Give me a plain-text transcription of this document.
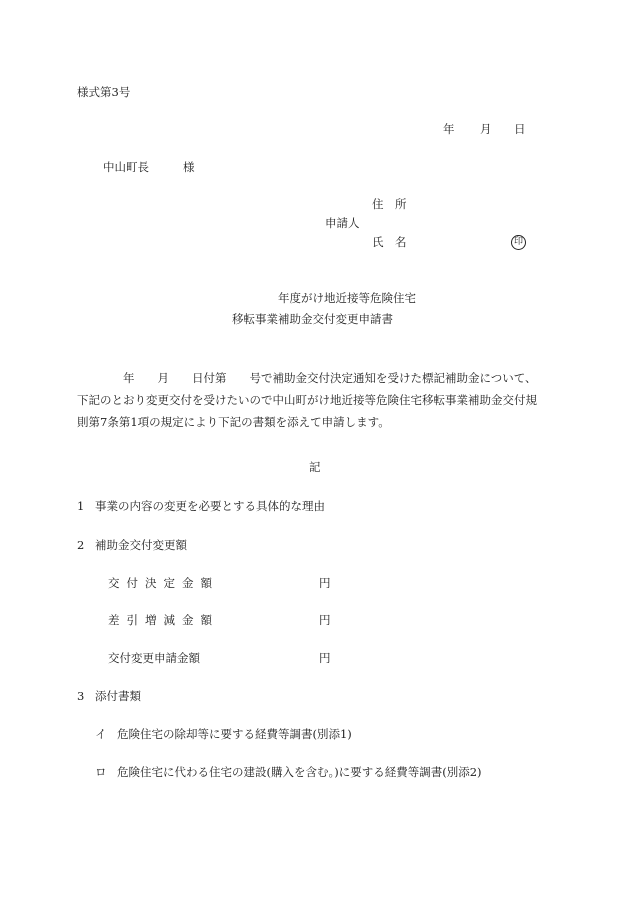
様式第3号
年 月 日
中山町長	様
住　所
申請人
氏　名	印
年度がけ地近接等危険住宅
移転事業補助金交付変更申請書
　　　　年　　月　　日付第　　号で補助金交付決定通知を受けた標記補助金について、
下記のとおり変更交付を受けたいので中山町がけ地近接等危険住宅移転事業補助金交付規
則第7条第1項の規定により下記の書類を添えて申請します。
記
1 事業の内容の変更を必要とする具体的な理由
2 補助金交付変更額
交付決定金額	円
差引増減金額	円
交付変更申請金額	円
3 添付書類
イ 危険住宅の除却等に要する経費等調書(別添1)
ロ 危険住宅に代わる住宅の建設(購入を含む。)に要する経費等調書(別添2)
